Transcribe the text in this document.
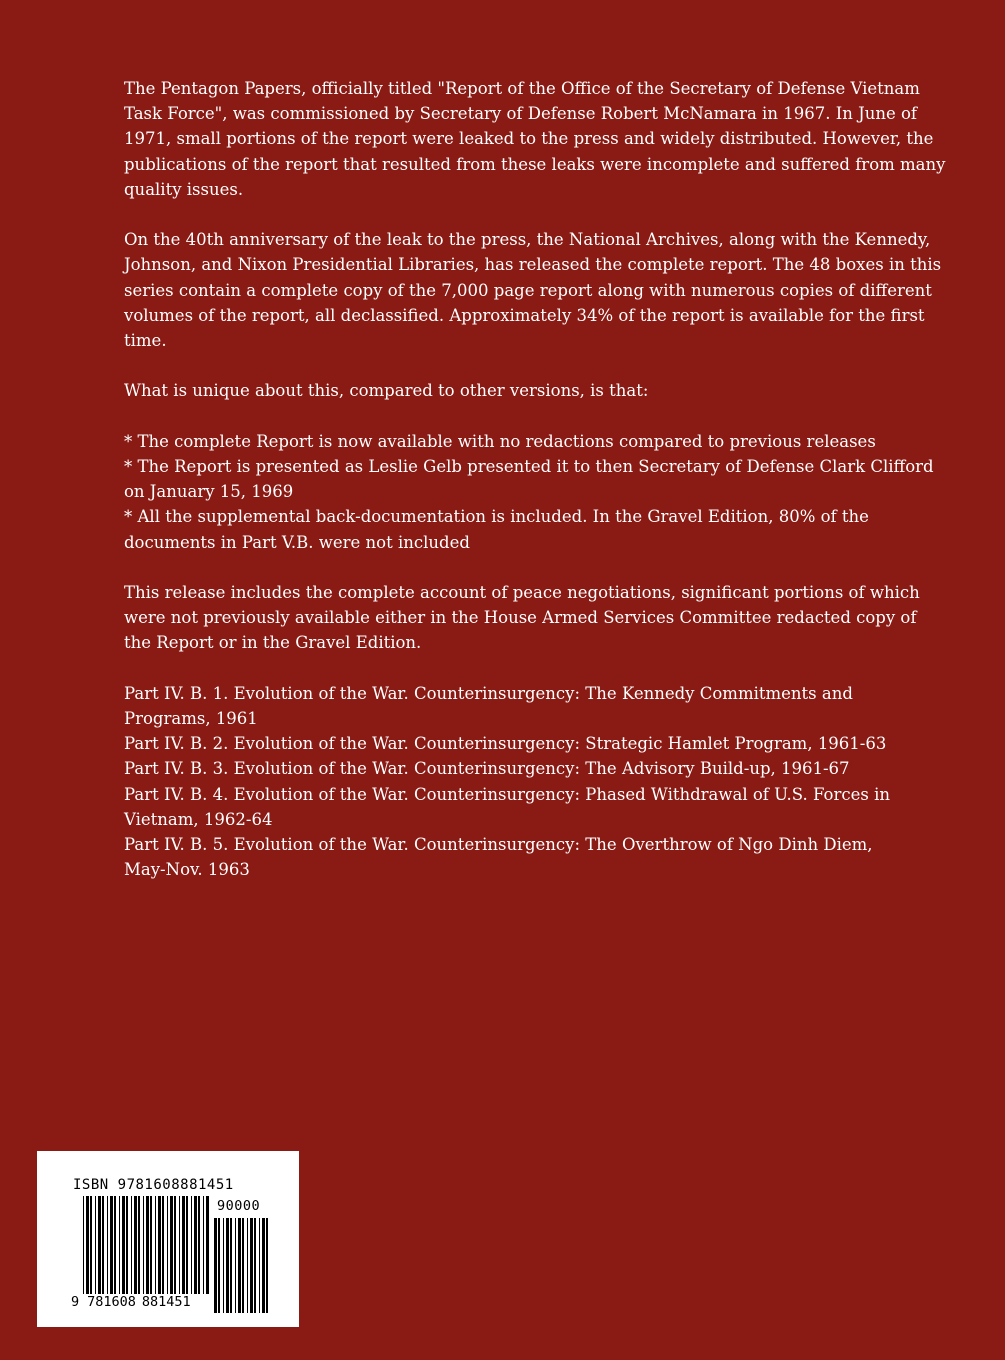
The Pentagon Papers, officially titled "Report of the Office of the Secretary of Defense Vietnam
Task Force", was commissioned by Secretary of Defense Robert McNamara in 1967. In June of
1971, small portions of the report were leaked to the press and widely distributed. However, the
publications of the report that resulted from these leaks were incomplete and suffered from many
quality issues.
On the 40th anniversary of the leak to the press, the National Archives, along with the Kennedy,
Johnson, and Nixon Presidential Libraries, has released the complete report. The 48 boxes in this
series contain a complete copy of the 7,000 page report along with numerous copies of different
volumes of the report, all declassified. Approximately 34% of the report is available for the first
time.
What is unique about this, compared to other versions, is that:
* The complete Report is now available with no redactions compared to previous releases
* The Report is presented as Leslie Gelb presented it to then Secretary of Defense Clark Clifford
on January 15, 1969
* All the supplemental back-documentation is included. In the Gravel Edition, 80% of the
documents in Part V.B. were not included
This release includes the complete account of peace negotiations, significant portions of which
were not previously available either in the House Armed Services Committee redacted copy of
the Report or in the Gravel Edition.
Part IV. B. 1. Evolution of the War. Counterinsurgency: The Kennedy Commitments and
Programs, 1961
Part IV. B. 2. Evolution of the War. Counterinsurgency: Strategic Hamlet Program, 1961-63
Part IV. B. 3. Evolution of the War. Counterinsurgency: The Advisory Build-up, 1961-67
Part IV. B. 4. Evolution of the War. Counterinsurgency: Phased Withdrawal of U.S. Forces in
Vietnam, 1962-64
Part IV. B. 5. Evolution of the War. Counterinsurgency: The Overthrow of Ngo Dinh Diem,
May-Nov. 1963
ISBN 9781608881451
90000
9 781608 881451
